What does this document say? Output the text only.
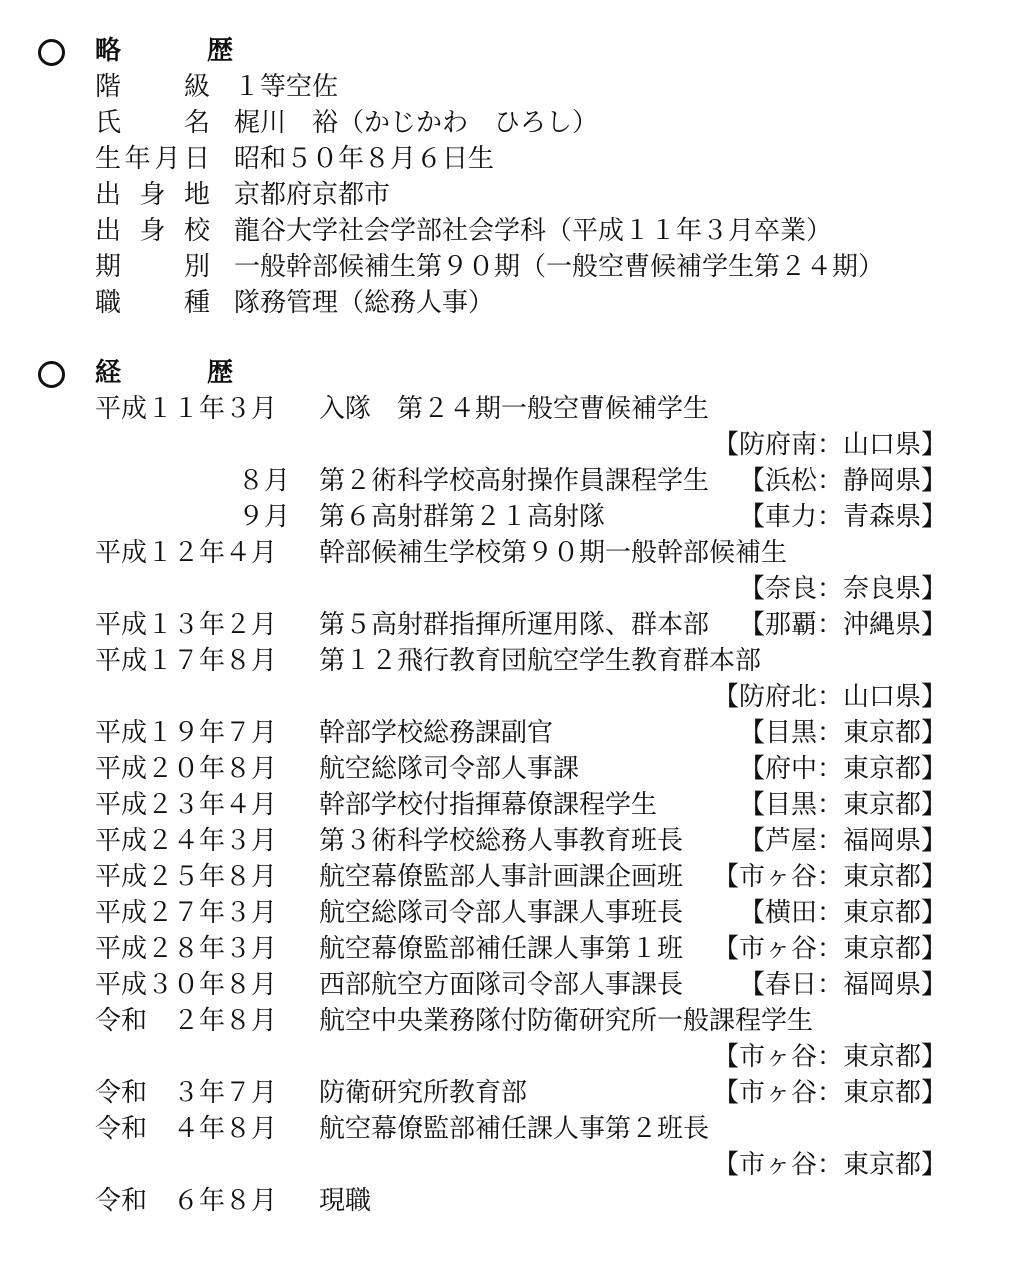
略　歴
階級 １等空佐
氏名 梶川　裕（かじかわ　ひろし）
生年月日 昭和５０年８月６日生
出身地 京都府京都市
出身校 龍谷大学社会学部社会学科（平成１１年３月卒業）
期別 一般幹部候補生第９０期（一般空曹候補学生第２４期）
職種 隊務管理（総務人事）
経　歴
平成１１年３月 入隊　第２４期一般空曹候補学生
【防府南：山口県】
８月 第２術科学校高射操作員課程学生 【浜松：静岡県】
９月 第６高射群第２１高射隊	【車力：青森県】
平成１２年４月 幹部候補生学校第９０期一般幹部候補生
【奈良：奈良県】
平成１３年２月 第５高射群指揮所運用隊、群本部 【那覇：沖縄県】
平成１７年８月 第１２飛行教育団航空学生教育群本部
【防府北：山口県】
平成１９年７月 幹部学校総務課副官	【目黒：東京都】
平成２０年８月 航空総隊司令部人事課	【府中：東京都】
平成２３年４月 幹部学校付指揮幕僚課程学生	【目黒：東京都】
平成２４年３月 第３術科学校総務人事教育班長 【芦屋：福岡県】
平成２５年８月 航空幕僚監部人事計画課企画班 【市ヶ谷：東京都】
平成２７年３月 航空総隊司令部人事課人事班長 【横田：東京都】
平成２８年３月 航空幕僚監部補任課人事第１班 【市ヶ谷：東京都】
平成３０年８月 西部航空方面隊司令部人事課長 【春日：福岡県】
令和　２年８月 航空中央業務隊付防衛研究所一般課程学生
【市ヶ谷：東京都】
令和　３年７月 防衛研究所教育部	【市ヶ谷：東京都】
令和　４年８月 航空幕僚監部補任課人事第２班長
【市ヶ谷：東京都】
令和　６年８月 現職
